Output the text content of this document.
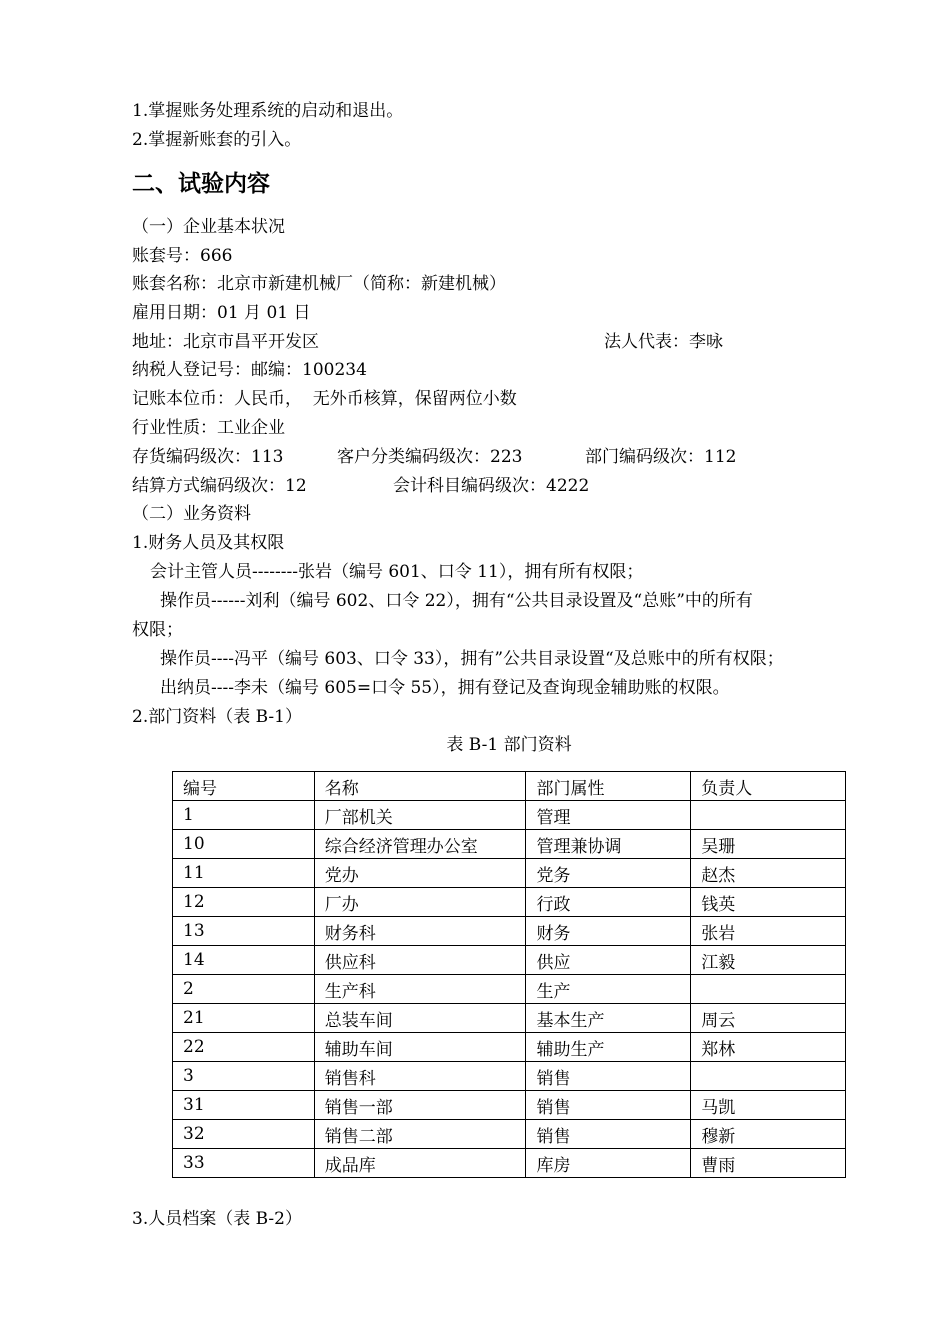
1.掌握账务处理系统的启动和退出。
2.掌握新账套的引入。
二、试验内容
（一）企业基本状况
账套号：666
账套名称：北京市新建机械厂（简称：新建机械）
雇用日期：01 月 01 日
地址：北京市昌平开发区	法人代表：李咏
纳税人登记号：邮编：100234
记账本位币：人民币，  无外币核算，保留两位小数
行业性质：工业企业
存货编码级次：113	客户分类编码级次：223	部门编码级次：112
结算方式编码级次：12	会计科目编码级次：4222
（二）业务资料
1.财务人员及其权限
会计主管人员--------张岩（编号 601、口令 11），拥有所有权限；
操作员------刘利（编号 602、口令 22），拥有“公共目录设置及“总账”中的所有
权限；
操作员----冯平（编号 603、口令 33），拥有”公共目录设置“及总账中的所有权限；
出纳员----李未（编号 605=口令 55），拥有登记及查询现金辅助账的权限。
2.部门资料（表 B-1）
表 B-1 部门资料
编号	名称	部门属性	负责人
1	厂部机关	管理	
10	综合经济管理办公室	管理兼协调	吴珊
11	党办	党务	赵杰
12	厂办	行政	钱英
13	财务科	财务	张岩
14	供应科	供应	江毅
2	生产科	生产	
21	总装车间	基本生产	周云
22	辅助车间	辅助生产	郑林
3	销售科	销售	
31	销售一部	销售	马凯
32	销售二部	销售	穆新
33	成品库	库房	曹雨
3.人员档案（表 B-2）
